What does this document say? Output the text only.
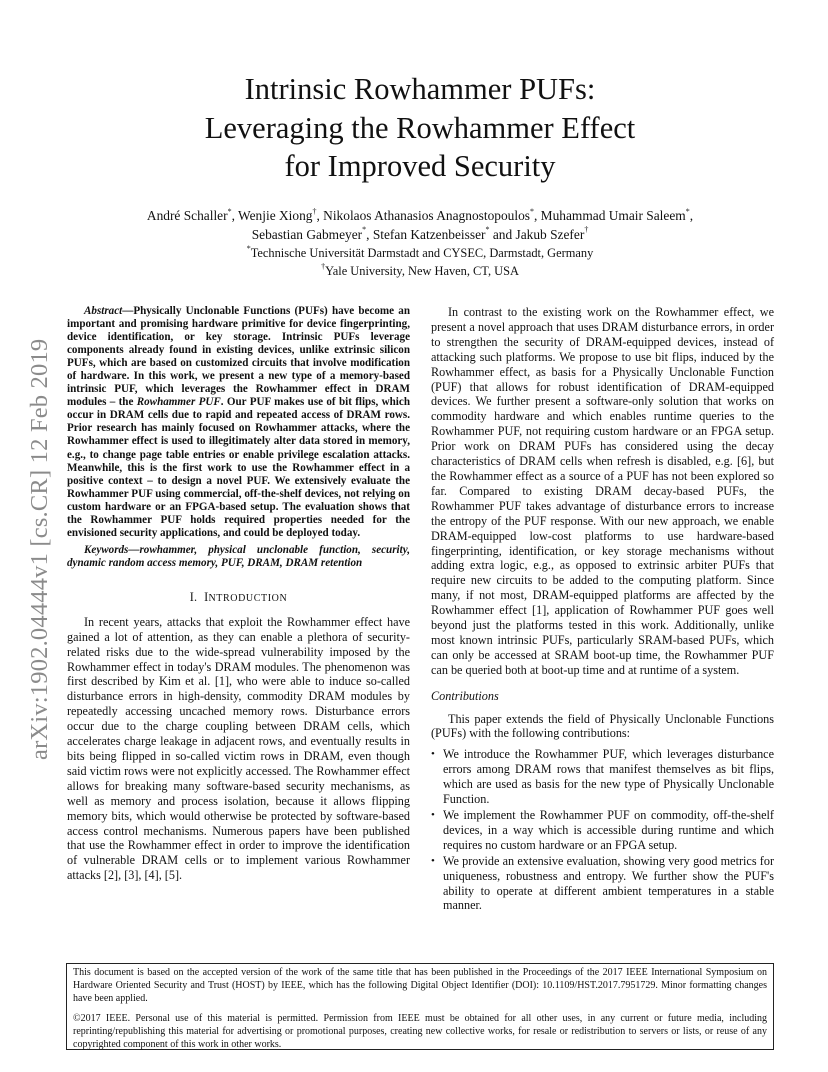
arXiv:1902.04444v1 [cs.CR] 12 Feb 2019
Intrinsic Rowhammer PUFs:
Leveraging the Rowhammer Effect
for Improved Security
André Schaller*, Wenjie Xiong†, Nikolaos Athanasios Anagnostopoulos*, Muhammad Umair Saleem*,
Sebastian Gabmeyer*, Stefan Katzenbeisser* and Jakub Szefer†
*Technische Universität Darmstadt and CYSEC, Darmstadt, Germany
†Yale University, New Haven, CT, USA

Abstract—Physically Unclonable Functions (PUFs) have become an important and promising hardware primitive for device fingerprinting, device identification, or key storage. Intrinsic PUFs leverage components already found in existing devices, unlike extrinsic silicon PUFs, which are based on customized circuits that involve modification of hardware. In this work, we present a new type of a memory-based intrinsic PUF, which leverages the Rowhammer effect in DRAM modules – the Rowhammer PUF. Our PUF makes use of bit flips, which occur in DRAM cells due to rapid and repeated access of DRAM rows. Prior research has mainly focused on Rowhammer attacks, where the Rowhammer effect is used to illegitimately alter data stored in memory, e.g., to change page table entries or enable privilege escalation attacks. Meanwhile, this is the first work to use the Rowhammer effect in a positive context – to design a novel PUF. We extensively evaluate the Rowhammer PUF using commercial, off-the-shelf devices, not relying on custom hardware or an FPGA-based setup. The evaluation shows that the Rowhammer PUF holds required properties needed for the envisioned security applications, and could be deployed today.

Keywords—rowhammer, physical unclonable function, security, dynamic random access memory, PUF, DRAM, DRAM retention

I. INTRODUCTION

In recent years, attacks that exploit the Rowhammer effect have gained a lot of attention, as they can enable a plethora of security-related risks due to the wide-spread vulnerability imposed by the Rowhammer effect in today's DRAM modules. The phenomenon was first described by Kim et al. [1], who were able to induce so-called disturbance errors in high-density, commodity DRAM modules by repeatedly accessing uncached memory rows. Disturbance errors occur due to the charge coupling between DRAM cells, which accelerates charge leakage in adjacent rows, and eventually results in bits being flipped in so-called victim rows in DRAM, even though said victim rows were not explicitly accessed. The Rowhammer effect allows for breaking many software-based security mechanisms, as well as memory and process isolation, because it allows flipping memory bits, which would otherwise be protected by software-based access control mechanisms. Numerous papers have been published that use the Rowhammer effect in order to improve the identification of vulnerable DRAM cells or to implement various Rowhammer attacks [2], [3], [4], [5].

In contrast to the existing work on the Rowhammer effect, we present a novel approach that uses DRAM disturbance errors, in order to strengthen the security of DRAM-equipped devices, instead of attacking such platforms. We propose to use bit flips, induced by the Rowhammer effect, as basis for a Physically Unclonable Function (PUF) that allows for robust identification of DRAM-equipped devices. We further present a software-only solution that works on commodity hardware and which enables runtime queries to the Rowhammer PUF, not requiring custom hardware or an FPGA setup. Prior work on DRAM PUFs has considered using the decay characteristics of DRAM cells when refresh is disabled, e.g. [6], but the Rowhammer effect as a source of a PUF has not been explored so far. Compared to existing DRAM decay-based PUFs, the Rowhammer PUF takes advantage of disturbance errors to increase the entropy of the PUF response. With our new approach, we enable DRAM-equipped low-cost platforms to use hardware-based fingerprinting, identification, or key storage mechanisms without adding extra logic, e.g., as opposed to extrinsic arbiter PUFs that require new circuits to be added to the computing platform. Since many, if not most, DRAM-equipped platforms are affected by the Rowhammer effect [1], application of Rowhammer PUF goes well beyond just the platforms tested in this work. Additionally, unlike most known intrinsic PUFs, particularly SRAM-based PUFs, which can only be accessed at SRAM boot-up time, the Rowhammer PUF can be queried both at boot-up time and at runtime of a system.

Contributions

This paper extends the field of Physically Unclonable Functions (PUFs) with the following contributions:

• We introduce the Rowhammer PUF, which leverages disturbance errors among DRAM rows that manifest themselves as bit flips, which are used as basis for the new type of Physically Unclonable Function.
• We implement the Rowhammer PUF on commodity, off-the-shelf devices, in a way which is accessible during runtime and which requires no custom hardware or an FPGA setup.
• We provide an extensive evaluation, showing very good metrics for uniqueness, robustness and entropy. We further show the PUF's ability to operate at different ambient temperatures in a stable manner.

This document is based on the accepted version of the work of the same title that has been published in the Proceedings of the 2017 IEEE International Symposium on Hardware Oriented Security and Trust (HOST) by IEEE, which has the following Digital Object Identifier (DOI): 10.1109/HST.2017.7951729. Minor formatting changes have been applied.

©2017 IEEE. Personal use of this material is permitted. Permission from IEEE must be obtained for all other uses, in any current or future media, including reprinting/republishing this material for advertising or promotional purposes, creating new collective works, for resale or redistribution to servers or lists, or reuse of any copyrighted component of this work in other works.
